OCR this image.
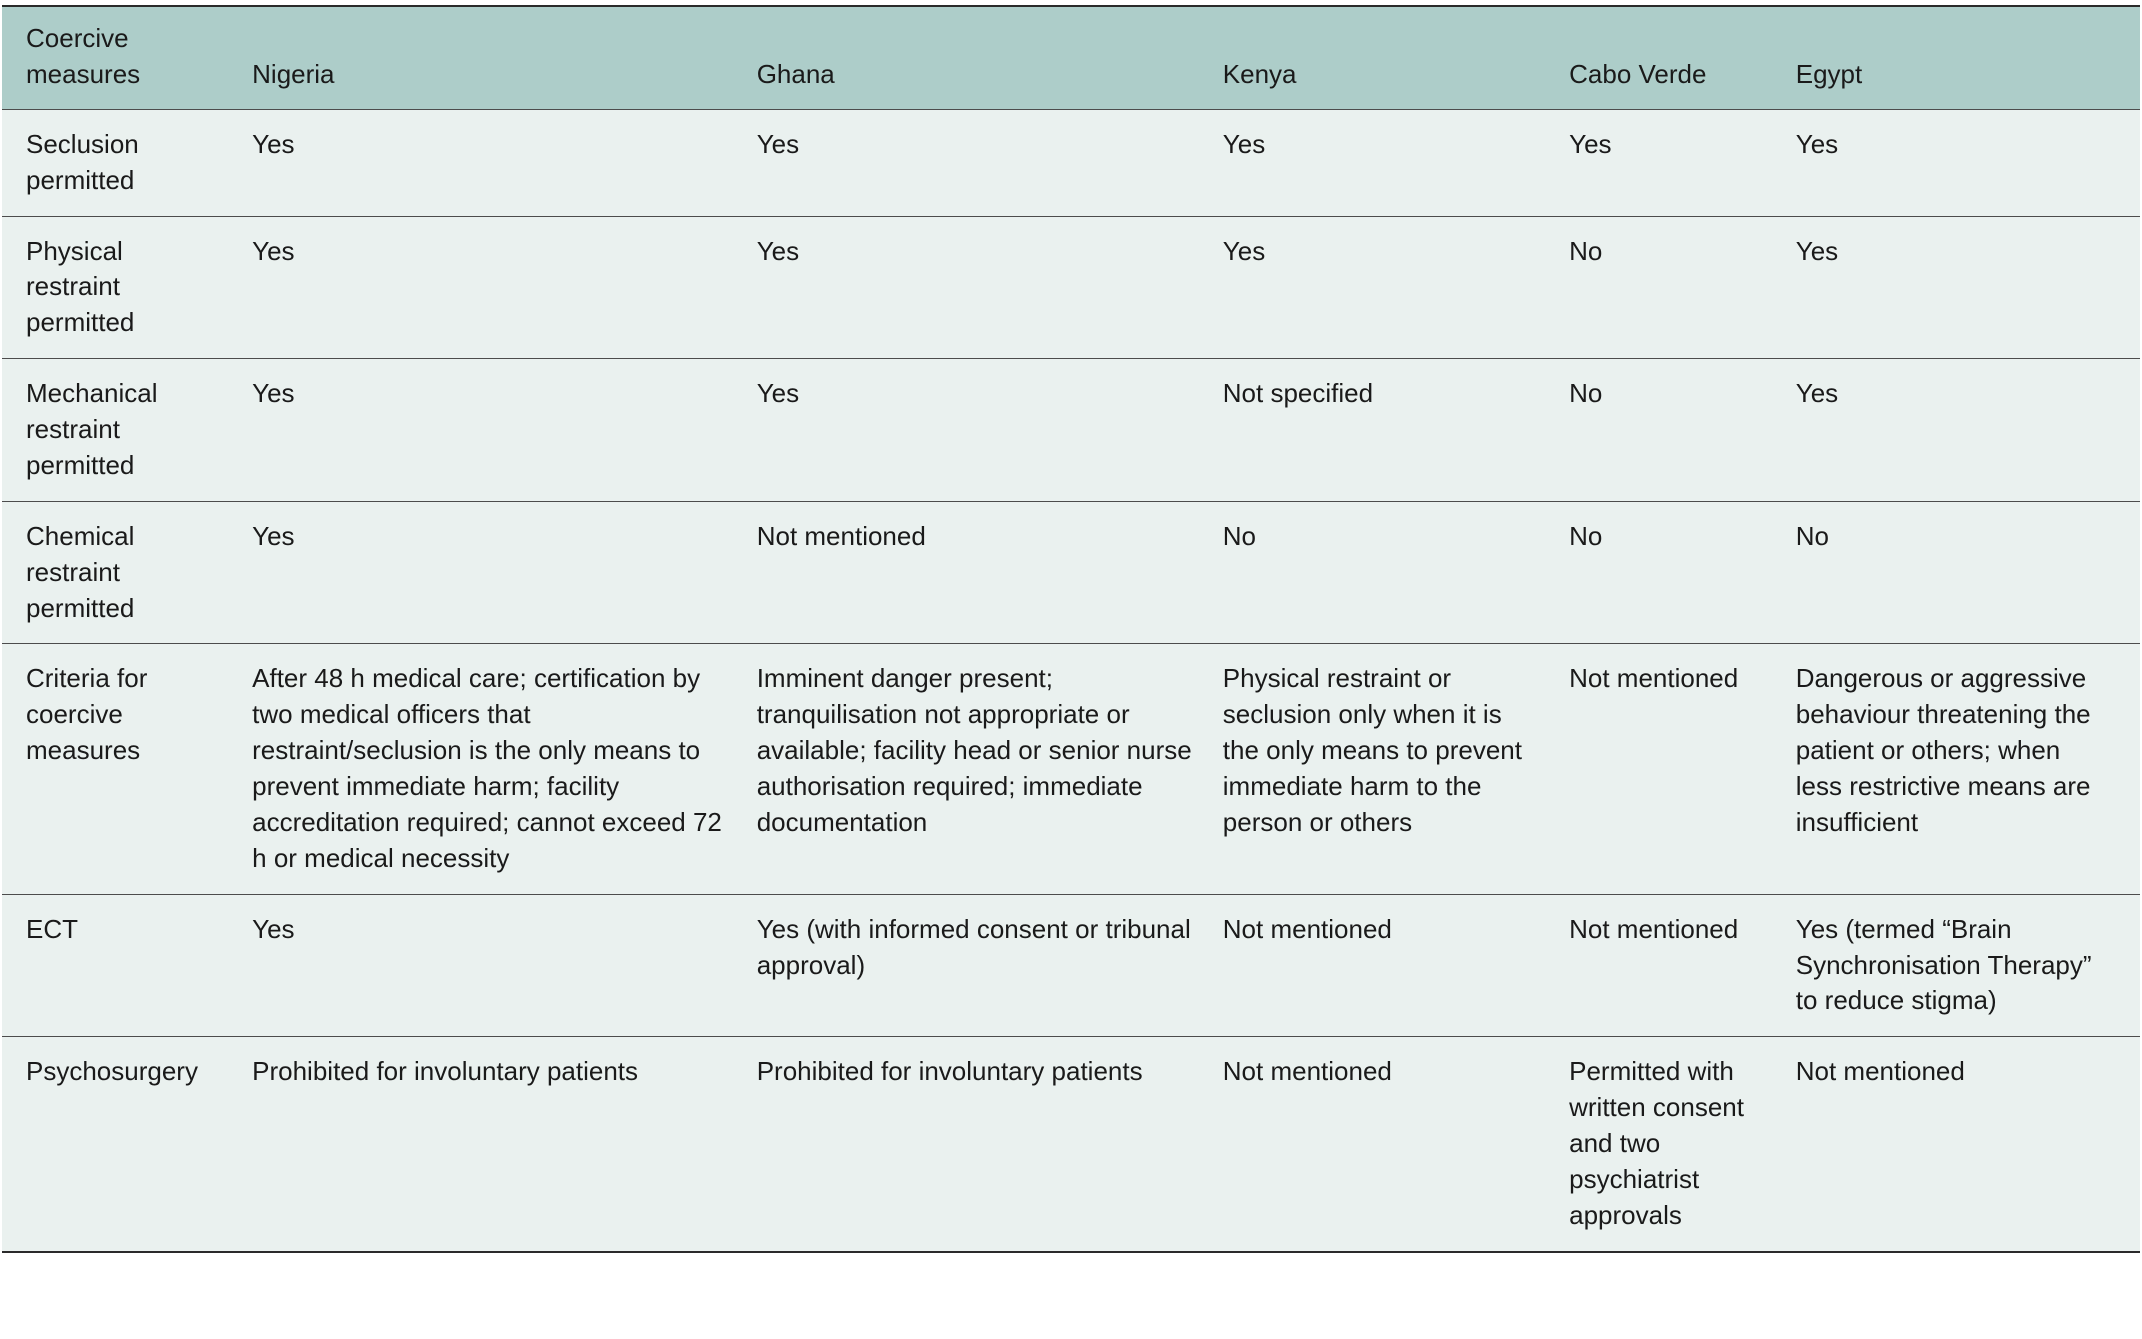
Coercive measures	Nigeria	Ghana	Kenya	Cabo Verde	Egypt
Seclusion permitted	Yes	Yes	Yes	Yes	Yes
Physical restraint permitted	Yes	Yes	Yes	No	Yes
Mechanical restraint permitted	Yes	Yes	Not specified	No	Yes
Chemical restraint permitted	Yes	Not mentioned	No	No	No
Criteria for coercive measures	After 48 h medical care; certification by two medical officers that restraint/seclusion is the only means to prevent immediate harm; facility accreditation required; cannot exceed 72 h or medical necessity	Imminent danger present; tranquilisation not appropriate or available; facility head or senior nurse authorisation required; immediate documentation	Physical restraint or seclusion only when it is the only means to prevent immediate harm to the person or others	Not mentioned	Dangerous or aggressive behaviour threatening the patient or others; when less restrictive means are insufficient
ECT	Yes	Yes (with informed consent or tribunal approval)	Not mentioned	Not mentioned	Yes (termed “Brain Synchronisation Therapy” to reduce stigma)
Psychosurgery	Prohibited for involuntary patients	Prohibited for involuntary patients	Not mentioned	Permitted with written consent and two psychiatrist approvals	Not mentioned
